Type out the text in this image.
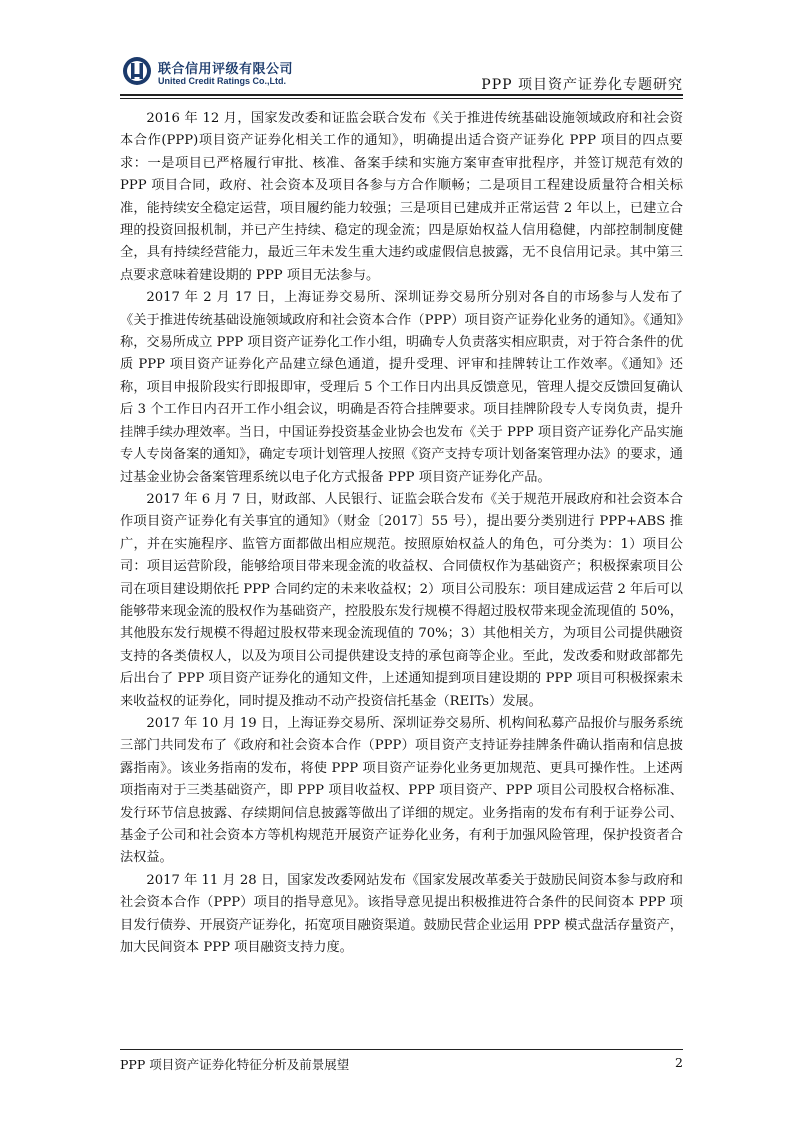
联合信用评级有限公司
United Credit Ratings Co.,Ltd.	PPP 项目资产证券化专题研究

2016 年 12 月，国家发改委和证监会联合发布《关于推进传统基础设施领域政府和社会资本合作(PPP)项目资产证券化相关工作的通知》，明确提出适合资产证券化 PPP 项目的四点要求：一是项目已严格履行审批、核准、备案手续和实施方案审查审批程序，并签订规范有效的 PPP 项目合同，政府、社会资本及项目各参与方合作顺畅；二是项目工程建设质量符合相关标准，能持续安全稳定运营，项目履约能力较强；三是项目已建成并正常运营 2 年以上，已建立合理的投资回报机制，并已产生持续、稳定的现金流；四是原始权益人信用稳健，内部控制制度健全，具有持续经营能力，最近三年未发生重大违约或虚假信息披露，无不良信用记录。其中第三点要求意味着建设期的 PPP 项目无法参与。

2017 年 2 月 17 日，上海证券交易所、深圳证券交易所分别对各自的市场参与人发布了《关于推进传统基础设施领域政府和社会资本合作（PPP）项目资产证券化业务的通知》。《通知》称，交易所成立 PPP 项目资产证券化工作小组，明确专人负责落实相应职责，对于符合条件的优质 PPP 项目资产证券化产品建立绿色通道，提升受理、评审和挂牌转让工作效率。《通知》还称，项目申报阶段实行即报即审，受理后 5 个工作日内出具反馈意见，管理人提交反馈回复确认后 3 个工作日内召开工作小组会议，明确是否符合挂牌要求。项目挂牌阶段专人专岗负责，提升挂牌手续办理效率。当日，中国证券投资基金业协会也发布《关于 PPP 项目资产证券化产品实施专人专岗备案的通知》，确定专项计划管理人按照《资产支持专项计划备案管理办法》的要求，通过基金业协会备案管理系统以电子化方式报备 PPP 项目资产证券化产品。

2017 年 6 月 7 日，财政部、人民银行、证监会联合发布《关于规范开展政府和社会资本合作项目资产证券化有关事宜的通知》（财金〔2017〕55 号），提出要分类别进行 PPP+ABS 推广，并在实施程序、监管方面都做出相应规范。按照原始权益人的角色，可分类为：1）项目公司：项目运营阶段，能够给项目带来现金流的收益权、合同债权作为基础资产；积极探索项目公司在项目建设期依托 PPP 合同约定的未来收益权；2）项目公司股东：项目建成运营 2 年后可以能够带来现金流的股权作为基础资产，控股股东发行规模不得超过股权带来现金流现值的 50%，其他股东发行规模不得超过股权带来现金流现值的 70%；3）其他相关方，为项目公司提供融资支持的各类债权人，以及为项目公司提供建设支持的承包商等企业。至此，发改委和财政部都先后出台了 PPP 项目资产证券化的通知文件，上述通知提到项目建设期的 PPP 项目可积极探索未来收益权的证券化，同时提及推动不动产投资信托基金（REITs）发展。

2017 年 10 月 19 日，上海证券交易所、深圳证券交易所、机构间私募产品报价与服务系统三部门共同发布了《政府和社会资本合作（PPP）项目资产支持证券挂牌条件确认指南和信息披露指南》。该业务指南的发布，将使 PPP 项目资产证券化业务更加规范、更具可操作性。上述两项指南对于三类基础资产，即 PPP 项目收益权、PPP 项目资产、PPP 项目公司股权合格标准、发行环节信息披露、存续期间信息披露等做出了详细的规定。业务指南的发布有利于证券公司、基金子公司和社会资本方等机构规范开展资产证券化业务，有利于加强风险管理，保护投资者合法权益。

2017 年 11 月 28 日，国家发改委网站发布《国家发展改革委关于鼓励民间资本参与政府和社会资本合作（PPP）项目的指导意见》。该指导意见提出积极推进符合条件的民间资本 PPP 项目发行债券、开展资产证券化，拓宽项目融资渠道。鼓励民营企业运用 PPP 模式盘活存量资产，加大民间资本 PPP 项目融资支持力度。

PPP 项目资产证券化特征分析及前景展望	2
